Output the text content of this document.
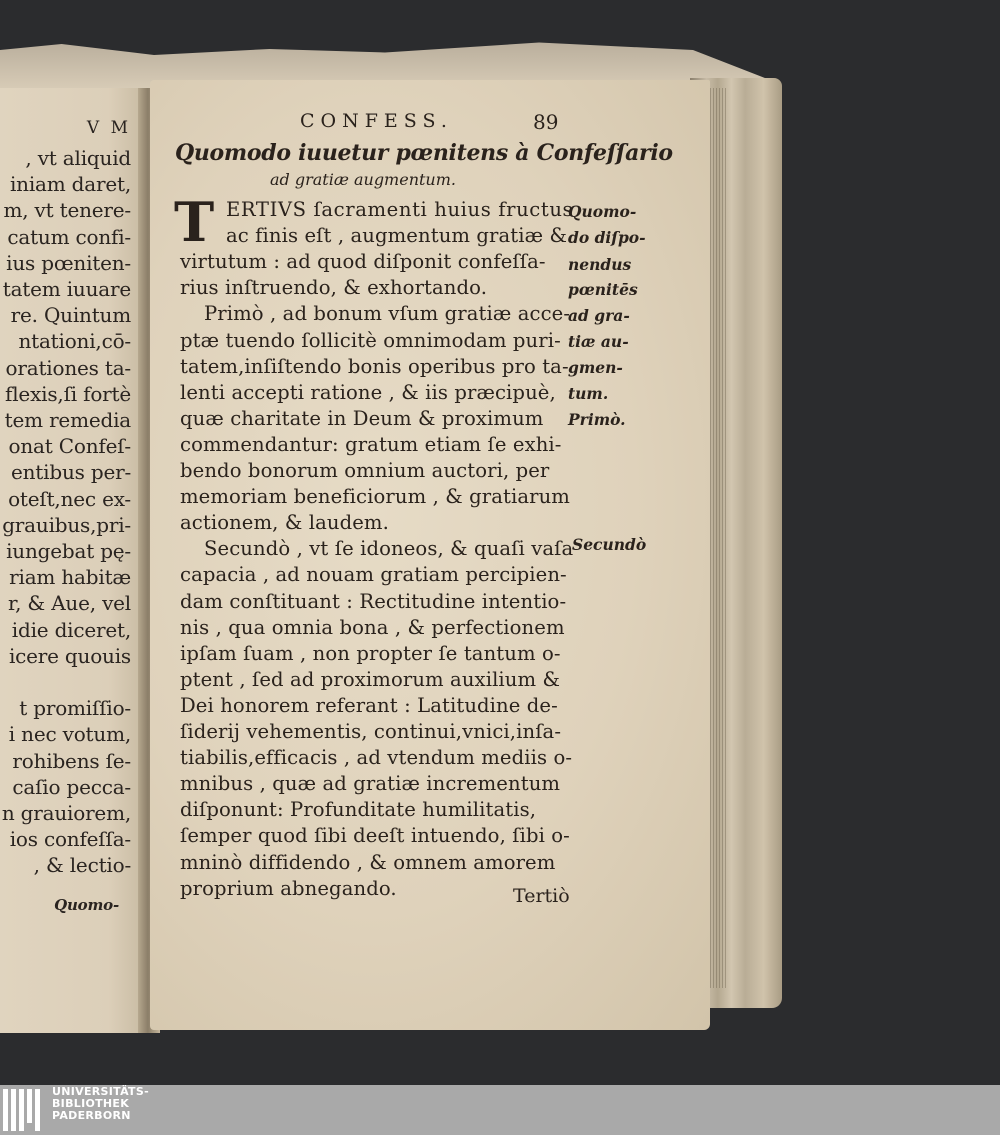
V M
, vt aliquid
iniam daret,
m, vt tenere-
catum confi-
ius pœniten-
tatem iuuare
re. Quintum
ntationi,cō-
orationes ta-
flexis,ſi fortè
tem remedia
onat Confeſ-
entibus per-
oteſt,nec ex-
grauibus,pri-
iungebat pę-
riam habitæ
r, & Aue, vel
idie diceret,
icere quouis
t promiſſio-
i nec votum,
rohibens ſe-
caſio pecca-
n grauiorem,
ios confeſſa-
, & lectio-
Quomo-
CONFESS.	89
Quomodo iuuetur pœnitens à Confeſſario
ad gratiæ augmentum.
T ERTIVS ſacramenti huius fructus
ac finis eſt , augmentum gratiæ &
virtutum : ad quod diſponit confeſſa-
rius inſtruendo, & exhortando.
Primò , ad bonum vſum gratiæ acce-
ptæ tuendo ſollicitè omnimodam puri-
tatem,inſiſtendo bonis operibus pro ta-
lenti accepti ratione , & iis præcipuè,
quæ charitate in Deum & proximum
commendantur: gratum etiam ſe exhi-
bendo bonorum omnium auctori, per
memoriam beneficiorum , & gratiarum
actionem, & laudem.
Secundò , vt ſe idoneos, & quaſi vaſa
capacia , ad nouam gratiam percipien-
dam conſtituant : Rectitudine intentio-
nis , qua omnia bona , & perfectionem
ipſam ſuam , non propter ſe tantum o-
ptent , ſed ad proximorum auxilium &
Dei honorem referant : Latitudine de-
ſiderij vehementis, continui,vnici,inſa-
tiabilis,efficacis , ad vtendum mediis o-
mnibus , quæ ad gratiæ incrementum
diſponunt: Profunditate humilitatis,
ſemper quod ſibi deeſt intuendo, ſibi o-
mninò diffidendo , & omnem amorem
proprium abnegando.
Quomo-
do diſpo-
nendus
pœnitēs
ad gra-
tiæ au-
gmen-
tum.
Primò.
Secundò
Tertiò
UNIVERSITÄTS-
BIBLIOTHEK
PADERBORN
